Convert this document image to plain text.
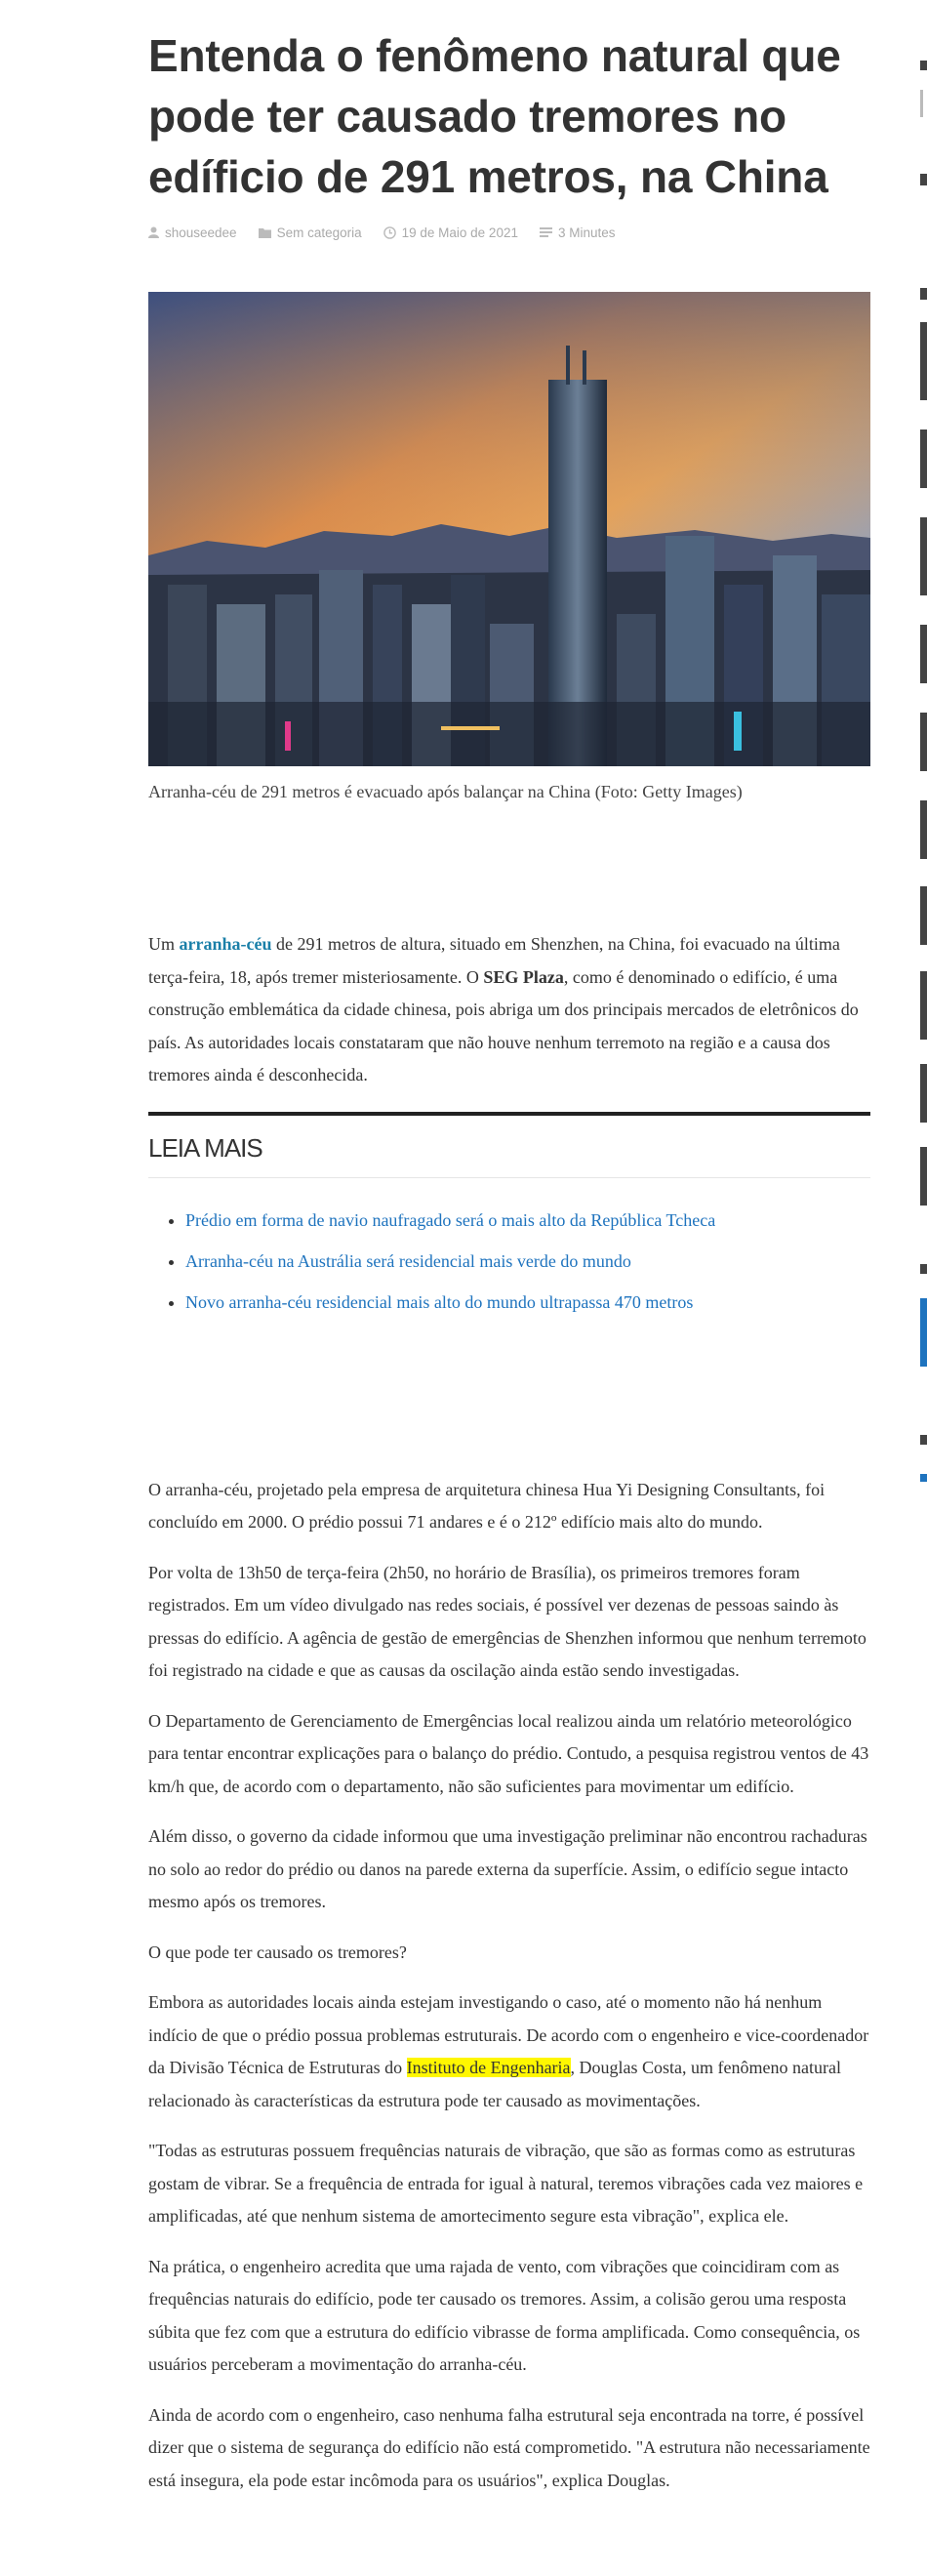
Entenda o fenômeno natural que pode ter causado tremores no edíficio de 291 metros, na China
shouseedee	Sem categoria	19 de Maio de 2021	3 Minutes
Arranha-céu de 291 metros é evacuado após balançar na China (Foto: Getty Images)

Um arranha-céu de 291 metros de altura, situado em Shenzhen, na China, foi evacuado na última terça-feira, 18, após tremer misteriosamente. O SEG Plaza, como é denominado o edifício, é uma construção emblemática da cidade chinesa, pois abriga um dos principais mercados de eletrônicos do país. As autoridades locais constataram que não houve nenhum terremoto na região e a causa dos tremores ainda é desconhecida.

LEIA MAIS
• Prédio em forma de navio naufragado será o mais alto da República Tcheca
• Arranha-céu na Austrália será residencial mais verde do mundo
• Novo arranha-céu residencial mais alto do mundo ultrapassa 470 metros

O arranha-céu, projetado pela empresa de arquitetura chinesa Hua Yi Designing Consultants, foi concluído em 2000. O prédio possui 71 andares e é o 212º edifício mais alto do mundo.

Por volta de 13h50 de terça-feira (2h50, no horário de Brasília), os primeiros tremores foram registrados. Em um vídeo divulgado nas redes sociais, é possível ver dezenas de pessoas saindo às pressas do edifício. A agência de gestão de emergências de Shenzhen informou que nenhum terremoto foi registrado na cidade e que as causas da oscilação ainda estão sendo investigadas.

O Departamento de Gerenciamento de Emergências local realizou ainda um relatório meteorológico para tentar encontrar explicações para o balanço do prédio. Contudo, a pesquisa registrou ventos de 43 km/h que, de acordo com o departamento, não são suficientes para movimentar um edifício.

Além disso, o governo da cidade informou que uma investigação preliminar não encontrou rachaduras no solo ao redor do prédio ou danos na parede externa da superfície. Assim, o edifício segue intacto mesmo após os tremores.

O que pode ter causado os tremores?

Embora as autoridades locais ainda estejam investigando o caso, até o momento não há nenhum indício de que o prédio possua problemas estruturais. De acordo com o engenheiro e vice-coordenador da Divisão Técnica de Estruturas do Instituto de Engenharia, Douglas Costa, um fenômeno natural relacionado às características da estrutura pode ter causado as movimentações.

"Todas as estruturas possuem frequências naturais de vibração, que são as formas como as estruturas gostam de vibrar. Se a frequência de entrada for igual à natural, teremos vibrações cada vez maiores e amplificadas, até que nenhum sistema de amortecimento segure esta vibração", explica ele.

Na prática, o engenheiro acredita que uma rajada de vento, com vibrações que coincidiram com as frequências naturais do edifício, pode ter causado os tremores. Assim, a colisão gerou uma resposta súbita que fez com que a estrutura do edifício vibrasse de forma amplificada. Como consequência, os usuários perceberam a movimentação do arranha-céu.

Ainda de acordo com o engenheiro, caso nenhuma falha estrutural seja encontrada na torre, é possível dizer que o sistema de segurança do edifício não está comprometido. "A estrutura não necessariamente está insegura, ela pode estar incômoda para os usuários", explica Douglas.
